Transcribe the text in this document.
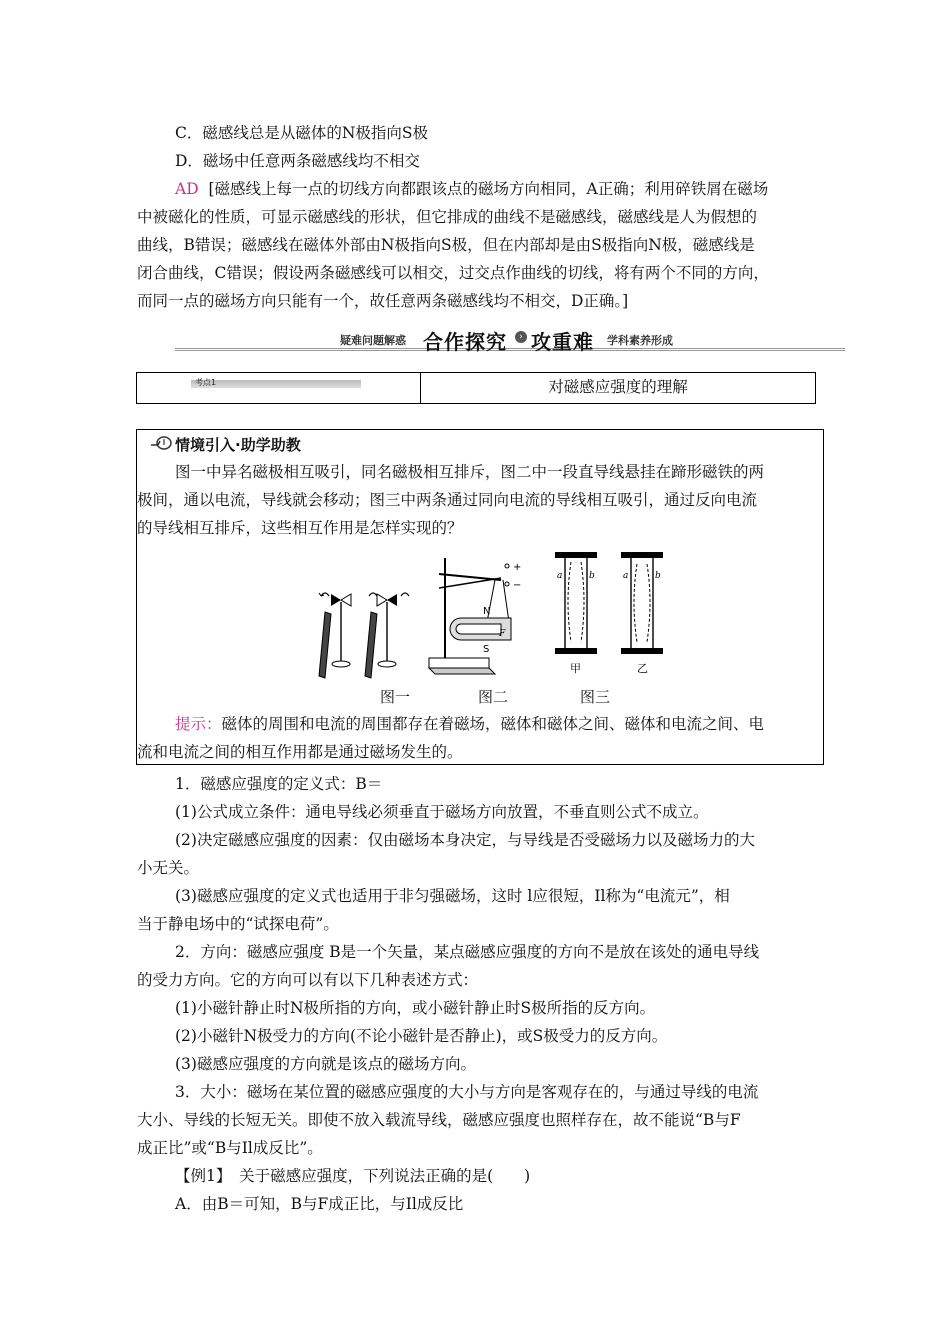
C．磁感线总是从磁体的N极指向S极
D．磁场中任意两条磁感线均不相交
AD [磁感线上每一点的切线方向都跟该点的磁场方向相同，A正确；利用碎铁屑在磁场
中被磁化的性质，可显示磁感线的形状，但它排成的曲线不是磁感线，磁感线是人为假想的
曲线，B错误；磁感线在磁体外部由N极指向S极，但在内部却是由S极指向N极，磁感线是
闭合曲线，C错误；假设两条磁感线可以相交，过交点作曲线的切线，将有两个不同的方向，
而同一点的磁场方向只能有一个，故任意两条磁感线均不相交，D正确。]
疑难问题解惑 合作探究	› 攻重难 学科素养形成
考点1	对磁感应强度的理解
情境引入·助学助教
图一中异名磁极相互吸引，同名磁极相互排斥，图二中一段直导线悬挂在蹄形磁铁的两
极间，通以电流，导线就会移动；图三中两条通过同向电流的导线相互吸引，通过反向电流
的导线相互排斥，这些相互作用是怎样实现的？
+
−
N
S
F
a	b
甲
a	b
乙
图一	图二	图三
提示：磁体的周围和电流的周围都存在着磁场，磁体和磁体之间、磁体和电流之间、电
流和电流之间的相互作用都是通过磁场发生的。
1．磁感应强度的定义式：B＝
(1)公式成立条件：通电导线必须垂直于磁场方向放置，不垂直则公式不成立。
(2)决定磁感应强度的因素：仅由磁场本身决定，与导线是否受磁场力以及磁场力的大
小无关。
(3)磁感应强度的定义式也适用于非匀强磁场，这时 l应很短，Il称为“电流元”，相
当于静电场中的“试探电荷”。
2．方向：磁感应强度 B是一个矢量，某点磁感应强度的方向不是放在该处的通电导线
的受力方向。它的方向可以有以下几种表述方式：
(1)小磁针静止时N极所指的方向，或小磁针静止时S极所指的反方向。
(2)小磁针N极受力的方向(不论小磁针是否静止)，或S极受力的反方向。
(3)磁感应强度的方向就是该点的磁场方向。
3．大小：磁场在某位置的磁感应强度的大小与方向是客观存在的，与通过导线的电流
大小、导线的长短无关。即使不放入载流导线，磁感应强度也照样存在，故不能说“B与F
成正比”或“B与Il成反比”。
【例1】　关于磁感应强度，下列说法正确的是(　　)
A．由B＝可知，B与F成正比，与Il成反比
